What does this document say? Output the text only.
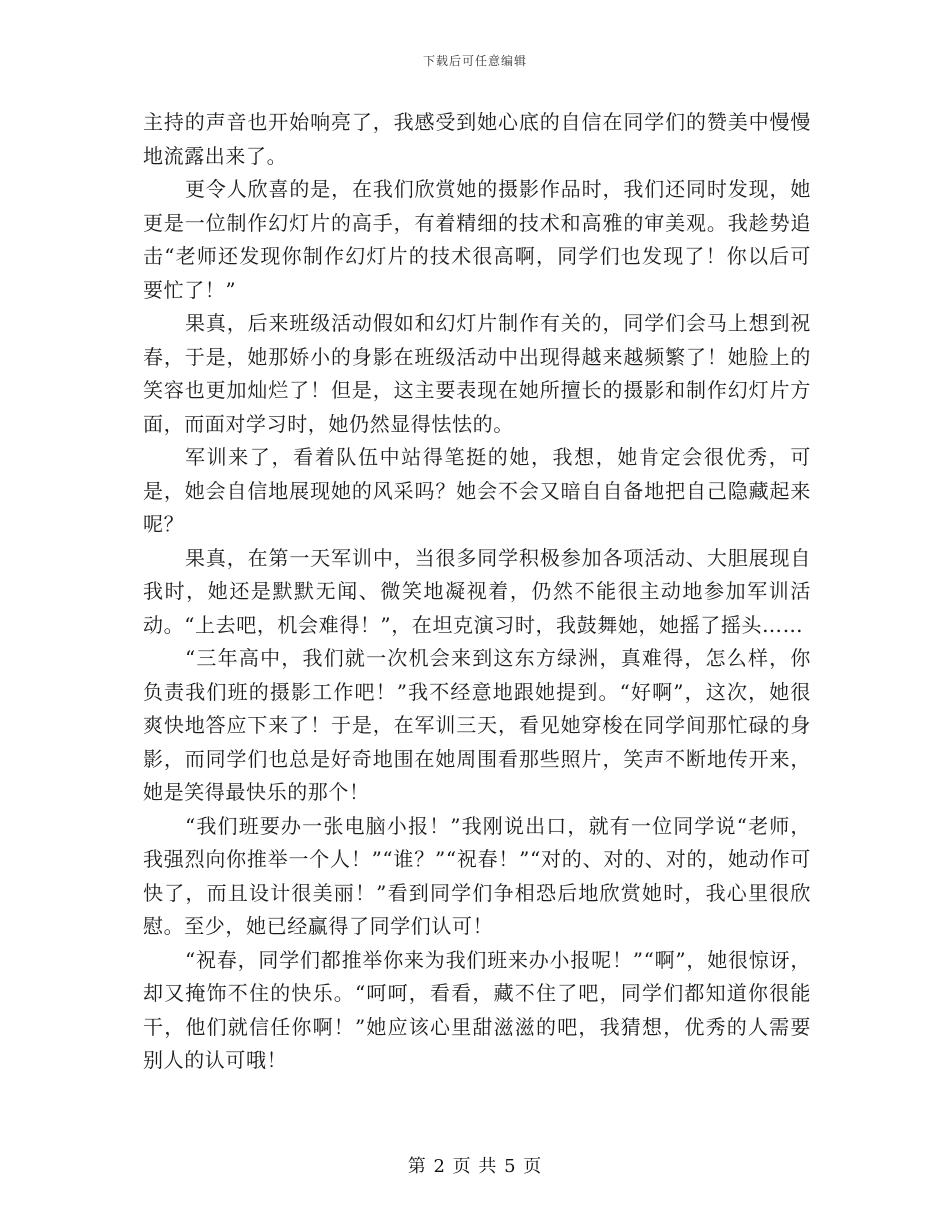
下载后可任意编辑

主持的声音也开始响亮了，我感受到她心底的自信在同学们的赞美中慢慢地流露出来了。

更令人欣喜的是，在我们欣赏她的摄影作品时，我们还同时发现，她更是一位制作幻灯片的高手，有着精细的技术和高雅的审美观。我趁势追击“老师还发现你制作幻灯片的技术很高啊，同学们也发现了！你以后可要忙了！”

果真，后来班级活动假如和幻灯片制作有关的，同学们会马上想到祝春，于是，她那娇小的身影在班级活动中出现得越来越频繁了！她脸上的笑容也更加灿烂了！但是，这主要表现在她所擅长的摄影和制作幻灯片方面，而面对学习时，她仍然显得怯怯的。

军训来了，看着队伍中站得笔挺的她，我想，她肯定会很优秀，可是，她会自信地展现她的风采吗？她会不会又暗自自备地把自己隐藏起来呢？

果真，在第一天军训中，当很多同学积极参加各项活动、大胆展现自我时，她还是默默无闻、微笑地凝视着，仍然不能很主动地参加军训活动。“上去吧，机会难得！”，在坦克演习时，我鼓舞她，她摇了摇头……

“三年高中，我们就一次机会来到这东方绿洲，真难得，怎么样，你负责我们班的摄影工作吧！”我不经意地跟她提到。“好啊”，这次，她很爽快地答应下来了！于是，在军训三天，看见她穿梭在同学间那忙碌的身影，而同学们也总是好奇地围在她周围看那些照片，笑声不断地传开来，她是笑得最快乐的那个！

“我们班要办一张电脑小报！”我刚说出口，就有一位同学说“老师，我强烈向你推举一个人！”“谁？”“祝春！”“对的、对的、对的，她动作可快了，而且设计很美丽！”看到同学们争相恐后地欣赏她时，我心里很欣慰。至少，她已经赢得了同学们认可！

“祝春，同学们都推举你来为我们班来办小报呢！”“啊”，她很惊讶，却又掩饰不住的快乐。“呵呵，看看，藏不住了吧，同学们都知道你很能干，他们就信任你啊！”她应该心里甜滋滋的吧，我猜想，优秀的人需要别人的认可哦！

第 2 页 共 5 页
